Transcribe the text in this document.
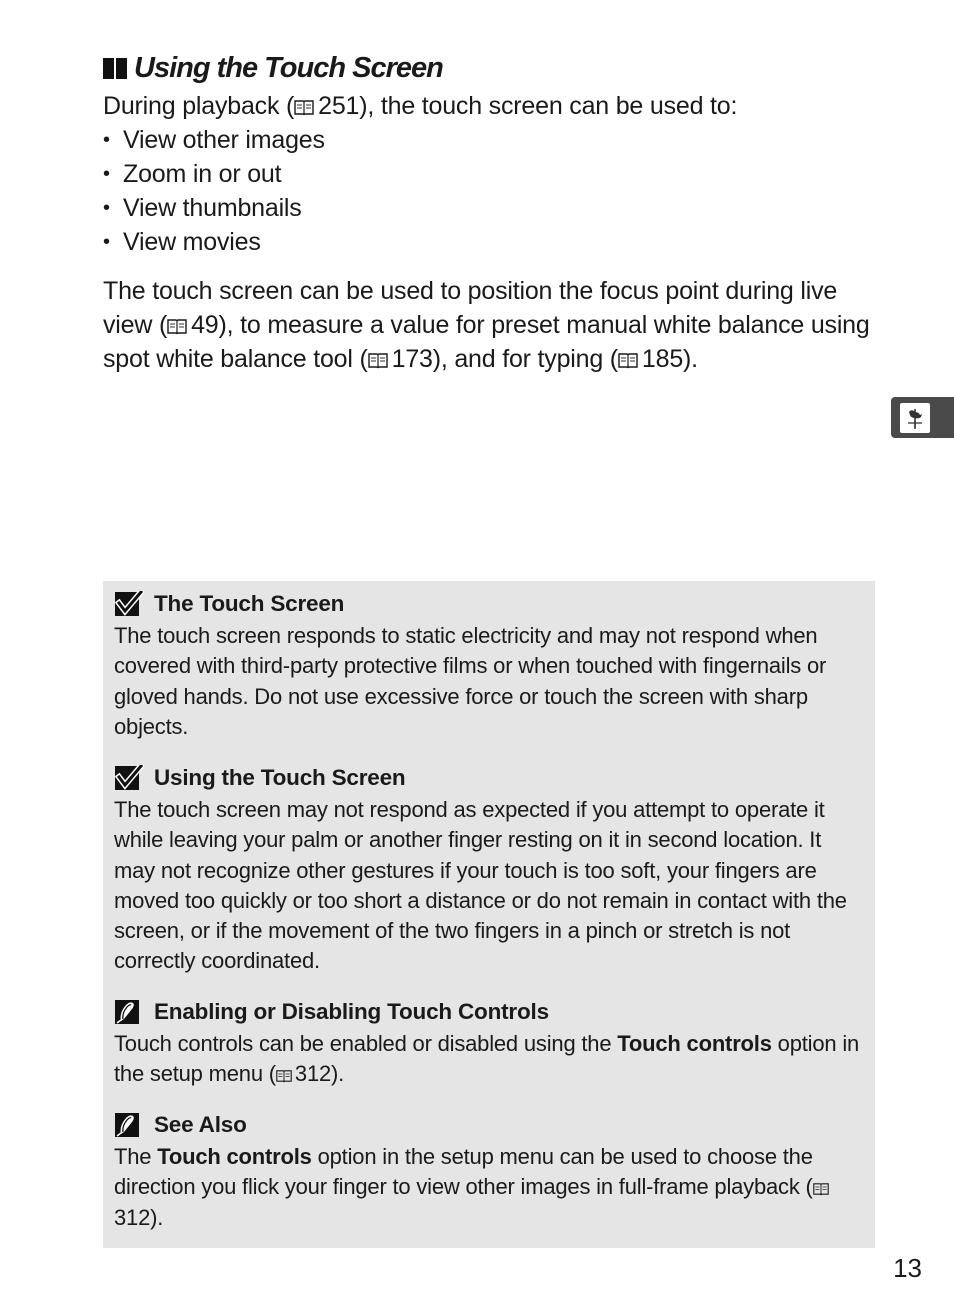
Using the Touch Screen
During playback ( 251), the touch screen can be used to:
• View other images
• Zoom in or out
• View thumbnails
• View movies
The touch screen can be used to position the focus point during live view ( 49), to measure a value for preset manual white balance using spot white balance tool ( 173), and for typing ( 185).
The Touch Screen

The touch screen responds to static electricity and may not respond when covered with third-party protective films or when touched with fingernails or gloved hands. Do not use excessive force or touch the screen with sharp objects.

Using the Touch Screen

The touch screen may not respond as expected if you attempt to operate it while leaving your palm or another finger resting on it in second location. It may not recognize other gestures if your touch is too soft, your fingers are moved too quickly or too short a distance or do not remain in contact with the screen, or if the movement of the two fingers in a pinch or stretch is not correctly coordinated.

Enabling or Disabling Touch Controls

Touch controls can be enabled or disabled using the Touch controls option in the setup menu ( 312).

See Also

The Touch controls option in the setup menu can be used to choose the direction you flick your finger to view other images in full-frame playback (312).

13
